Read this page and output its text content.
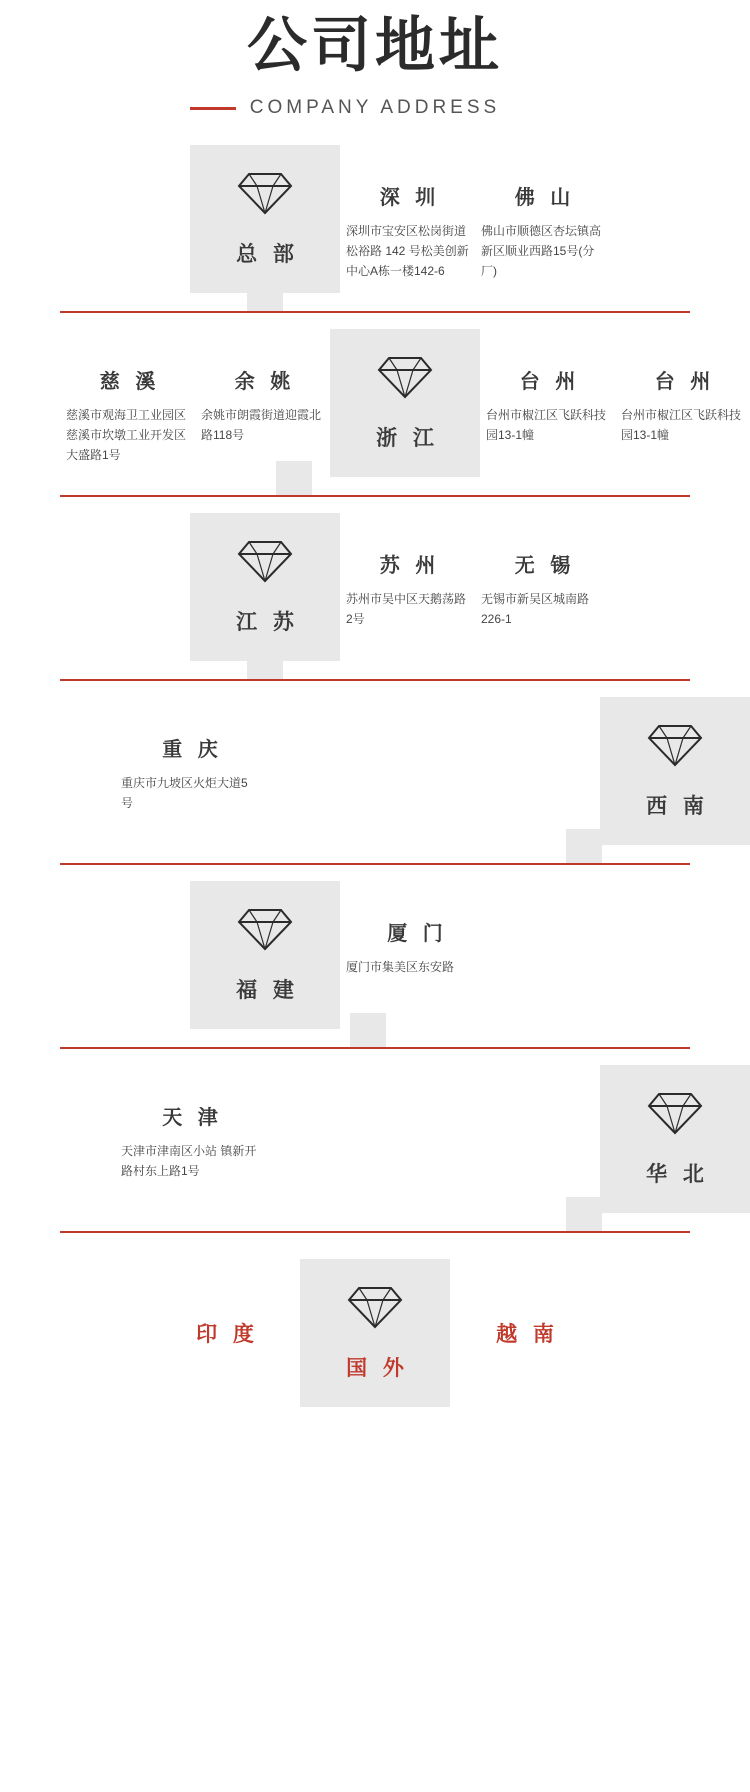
公司地址
COMPANY ADDRESS
总 部
深 圳
深圳市宝安区松岗街道松裕路 142 号松美创新中心A栋一楼142-6
佛 山
佛山市顺德区杏坛镇高新区顺业西路15号(分厂)
慈 溪
慈溪市观海卫工业园区慈溪市坎墩工业开发区大盛路1号
余 姚
余姚市朗霞街道迎霞北路118号	浙 江
台 州
台州市椒江区飞跃科技园13-1幢
台 州
台州市椒江区飞跃科技园13-1幢
江 苏
苏 州
苏州市吴中区天鹅荡路2号
无 锡
无锡市新吴区城南路226-1
重 庆
重庆市九坡区火炬大道5号	西 南
福 建
厦 门
厦门市集美区东安路
天 津
天津市津南区小站 镇新开路村东上路1号	华 北
印 度
国 外
越 南
